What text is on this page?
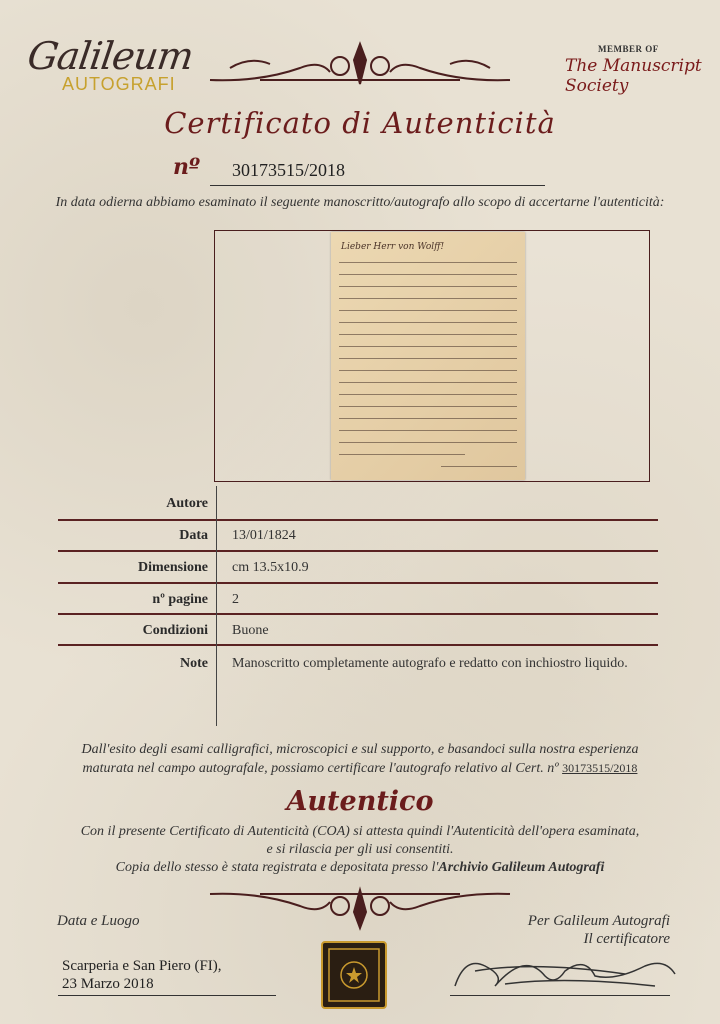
Galileum
AUTOGRAFI
MEMBER OF
The Manuscript Society
Certificato di Autenticità
nº 30173515/2018
In data odierna abbiamo esaminato il seguente manoscritto/autografo allo scopo di accertarne l'autenticità:
Lieber Herr von Wolff!
Autore
Data 13/01/1824
Dimensione cm 13.5x10.9
nº pagine 2
Condizioni Buone
Note Manoscritto completamente autografo e redatto con inchiostro liquido.
Dall'esito degli esami calligrafici, microscopici e sul supporto, e basandoci sulla nostra esperienza
maturata nel campo autografale, possiamo certificare l'autografo relativo al Cert. nº 30173515/2018
Autentico
Con il presente Certificato di Autenticità (COA) si attesta quindi l'Autenticità dell'opera esaminata,
e si rilascia per gli usi consentiti.
Copia dello stesso è stata registrata e depositata presso l'Archivio Galileum Autografi
Data e Luogo
Scarperia e San Piero (FI),
23 Marzo 2018
Per Galileum Autografi
Il certificatore
